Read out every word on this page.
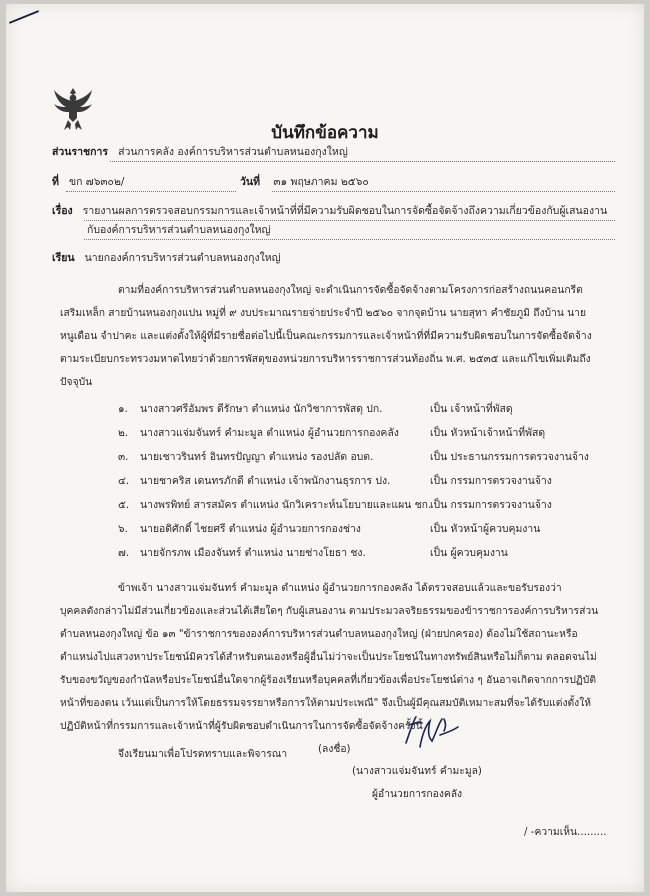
บันทึกข้อความ
ส่วนราชการ ส่วนการคลัง องค์การบริหารส่วนตำบลหนองกุงใหญ่
ที่ ขก ๗๖๓๐๒/	วันที่ ๓๑ พฤษภาคม ๒๕๖๐
เรื่อง รายงานผลการตรวจสอบกรรมการและเจ้าหน้าที่ที่มีความรับผิดชอบในการจัดซื้อจัดจ้างถึงความเกี่ยวข้องกับผู้เสนองาน
กับองค์การบริหารส่วนตำบลหนองกุงใหญ่
เรียน นายกองค์การบริหารส่วนตำบลหนองกุงใหญ่
ตามที่องค์การบริหารส่วนตำบลหนองกุงใหญ่ จะดำเนินการจัดซื้อจัดจ้างตามโครงการก่อสร้างถนนคอนกรีต
เสริมเหล็ก สายบ้านหนองกุงแปน หมู่ที่ ๙ งบประมาณรายจ่ายประจำปี ๒๕๖๐ จากจุดบ้าน นายสุทา คำชัยภูมิ ถึงบ้าน นาย
หนูเดือน จำปาคะ และแต่งตั้งให้ผู้ที่มีรายชื่อต่อไปนี้เป็นคณะกรรมการและเจ้าหน้าที่ที่มีความรับผิดชอบในการจัดซื้อจัดจ้าง
ตามระเบียบกระทรวงมหาดไทยว่าด้วยการพัสดุของหน่วยการบริหารราชการส่วนท้องถิ่น พ.ศ. ๒๕๓๕ และแก้ไขเพิ่มเติมถึง
ปัจจุบัน
๑. นางสาวศรีอัมพร ดีรักษา ตำแหน่ง นักวิชาการพัสดุ ปก.	เป็น เจ้าหน้าที่พัสดุ
๒. นางสาวแจ่มจันทร์ คำมะมูล ตำแหน่ง ผู้อำนวยการกองคลัง	เป็น หัวหน้าเจ้าหน้าที่พัสดุ
๓. นายเชาวรินทร์ อินทรปัญญา ตำแหน่ง รองปลัด อบต.	เป็น ประธานกรรมการตรวจงานจ้าง
๔. นายชาคริส เดนทรภักดี ตำแหน่ง เจ้าพนักงานธุรการ ปง.	เป็น กรรมการตรวจงานจ้าง
๕. นางพรพิทย์ สารสมัคร ตำแหน่ง นักวิเคราะห์นโยบายและแผน ชก.
เป็น กรรมการตรวจงานจ้าง
๖. นายอดิศักดิ์ ไชยศรี ตำแหน่ง ผู้อำนวยการกองช่าง	เป็น หัวหน้าผู้ควบคุมงาน
๗. นายจักรภพ เมืองจันทร์ ตำแหน่ง นายช่างโยธา ชง.	เป็น ผู้ควบคุมงาน
ข้าพเจ้า นางสาวแจ่มจันทร์ คำมะมูล ตำแหน่ง ผู้อำนวยการกองคลัง ได้ตรวจสอบแล้วและขอรับรองว่า
บุคคลดังกล่าวไม่มีส่วนเกี่ยวข้องและส่วนได้เสียใดๆ กับผู้เสนองาน ตามประมวลจริยธรรมของข้าราชการองค์การบริหารส่วน
ตำบลหนองกุงใหญ่ ข้อ ๑๓ "ข้าราชการขององค์การบริหารส่วนตำบลหนองกุงใหญ่ (ฝ่ายปกครอง) ต้องไม่ใช้สถานะหรือ
ตำแหน่งไปแสวงหาประโยชน์มิควรได้สำหรับตนเองหรือผู้อื่นไม่ว่าจะเป็นประโยชน์ในทางทรัพย์สินหรือไม่ก็ตาม ตลอดจนไม่
รับของขวัญของกำนัลหรือประโยชน์อื่นใดจากผู้ร้องเรียนหรือบุคคลที่เกี่ยวข้องเพื่อประโยชน์ต่าง ๆ อันอาจเกิดจากการปฏิบัติ
หน้าที่ของตน เว้นแต่เป็นการให้โดยธรรมจรรยาหรือการให้ตามประเพณี" จึงเป็นผู้มีคุณสมบัติเหมาะสมที่จะได้รับแต่งตั้งให้
ปฏิบัติหน้าที่กรรมการและเจ้าหน้าที่ผู้รับผิดชอบดำเนินการในการจัดซื้อจัดจ้างครั้งนี้
จึงเรียนมาเพื่อโปรดทราบและพิจารณา	(ลงชื่อ)
(นางสาวแจ่มจันทร์ คำมะมูล)
ผู้อำนวยการกองคลัง
/ -ความเห็น.........
